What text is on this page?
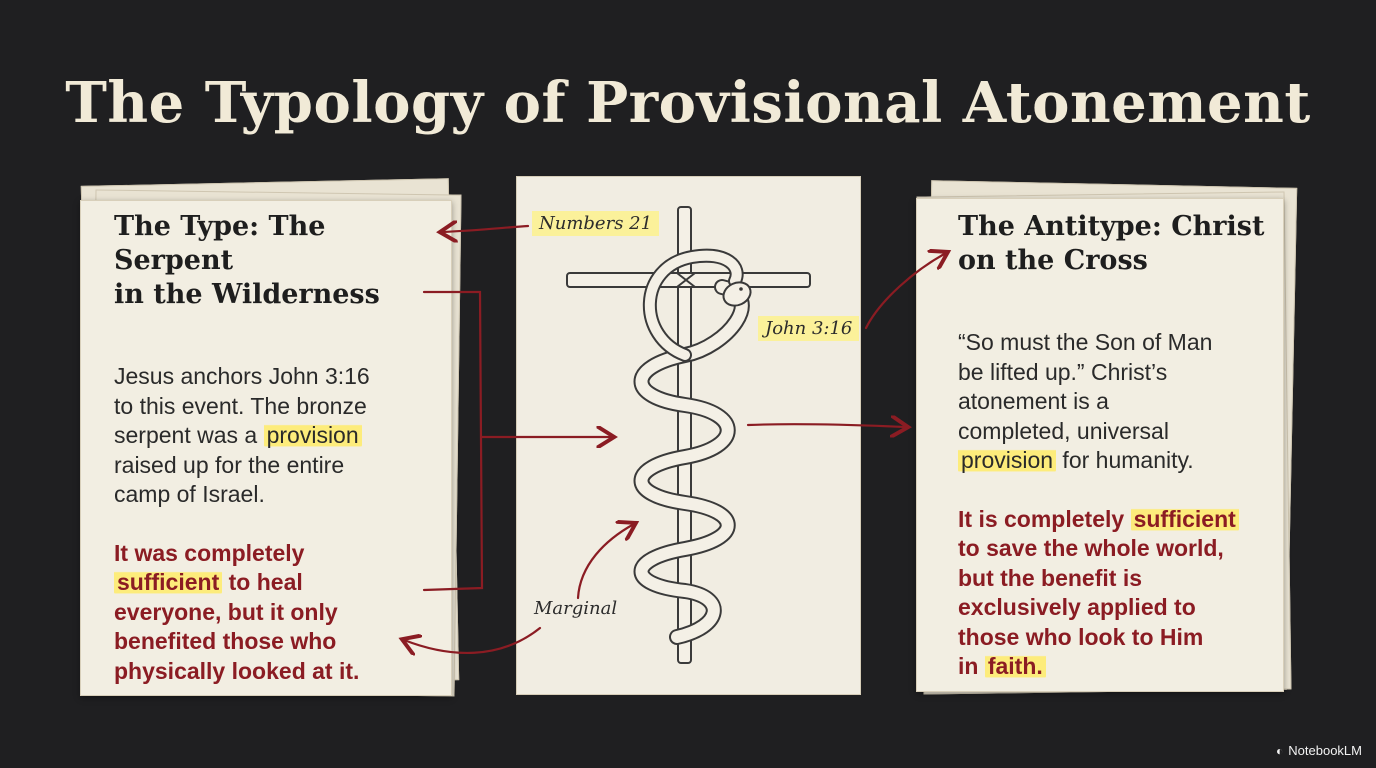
The Typology of Provisional Atonement
The Type: The Serpent
in the Wilderness

Jesus anchors John 3:16
to this event. The bronze
serpent was a provision
raised up for the entire
camp of Israel.

It was completely
sufficient to heal
everyone, but it only
benefited those who
physically looked at it.

The Antitype: Christ
on the Cross

“So must the Son of Man
be lifted up.” Christ’s
atonement is a
completed, universal
provision for humanity.

It is completely sufficient
to save the whole world,
but the benefit is
exclusively applied to
those who look to Him
in faith.

Numbers 21
John 3:16
Marginal
◐ NotebookLM
